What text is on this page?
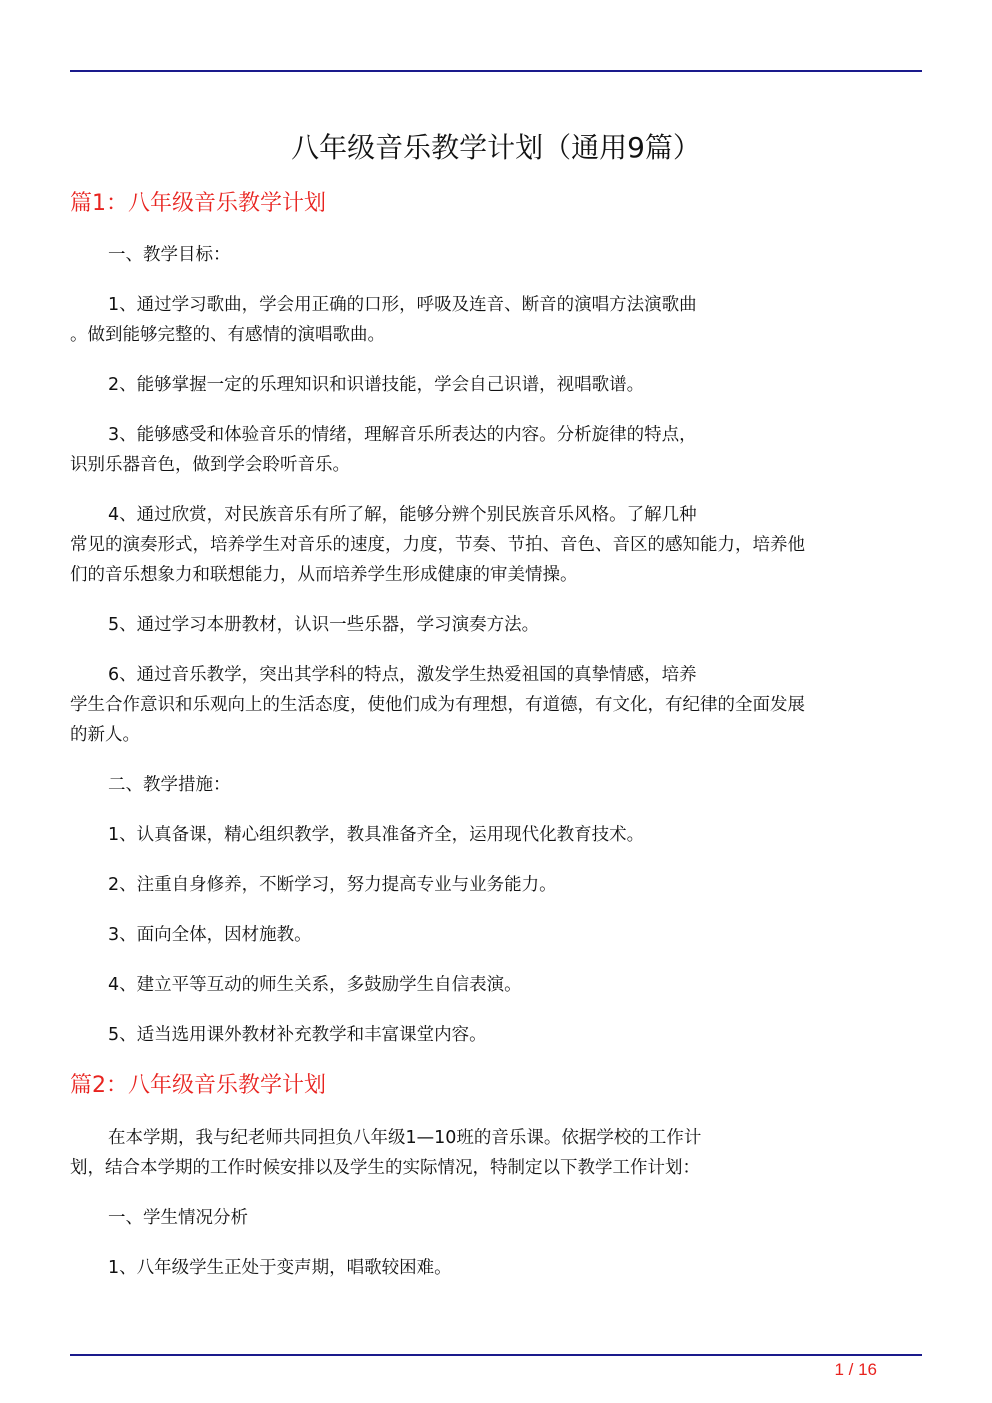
八年级音乐教学计划（通用9篇）
篇1：八年级音乐教学计划
一、教学目标：
1、通过学习歌曲，学会用正确的口形，呼吸及连音、断音的演唱方法演歌曲
。做到能够完整的、有感情的演唱歌曲。
2、能够掌握一定的乐理知识和识谱技能，学会自己识谱，视唱歌谱。
3、能够感受和体验音乐的情绪，理解音乐所表达的内容。分析旋律的特点，
识别乐器音色，做到学会聆听音乐。
4、通过欣赏，对民族音乐有所了解，能够分辨个别民族音乐风格。了解几种
常见的演奏形式，培养学生对音乐的速度，力度，节奏、节拍、音色、音区的感知能力，培养他
们的音乐想象力和联想能力，从而培养学生形成健康的审美情操。
5、通过学习本册教材，认识一些乐器，学习演奏方法。
6、通过音乐教学，突出其学科的特点，激发学生热爱祖国的真挚情感，培养
学生合作意识和乐观向上的生活态度，使他们成为有理想，有道德，有文化，有纪律的全面发展
的新人。
二、教学措施：
1、认真备课，精心组织教学，教具准备齐全，运用现代化教育技术。
2、注重自身修养，不断学习，努力提高专业与业务能力。
3、面向全体，因材施教。
4、建立平等互动的师生关系，多鼓励学生自信表演。
5、适当选用课外教材补充教学和丰富课堂内容。
篇2：八年级音乐教学计划
在本学期，我与纪老师共同担负八年级1—10班的音乐课。依据学校的工作计
划，结合本学期的工作时候安排以及学生的实际情况，特制定以下教学工作计划：
一、学生情况分析
1、八年级学生正处于变声期，唱歌较困难。
1 / 16
